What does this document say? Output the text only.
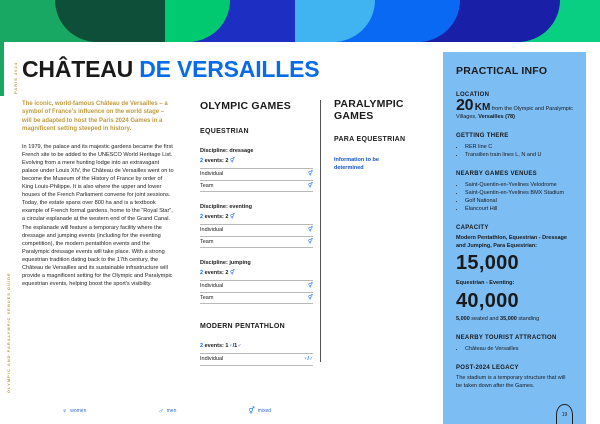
PARIS 2024
OLYMPIC AND PARALYMPIC VENUES GUIDE
CHÂTEAU DE VERSAILLES

The iconic, world-famous Château de Versailles – a symbol of France's influence on the world stage – will be adapted to host the Paris 2024 Games in a magnificent setting steeped in history.

In 1979, the palace and its majestic gardens became the first French site to be added to the UNESCO World Heritage List. Evolving from a mere hunting lodge into an extravagant palace under Louis XIV, the Château de Versailles went on to become the Museum of the History of France by order of King Louis-Philippe. It is also where the upper and lower houses of the French Parliament convene for joint sessions. Today, the estate spans over 800 ha and is a textbook example of French formal gardens, home to the “Royal Star”, a circular esplanade at the western end of the Grand Canal. The esplanade will feature a temporary facility where the dressage and jumping events (including for the eventing competition), the modern pentathlon events and the Paralympic dressage events will take place. With a strong equestrian tradition dating back to the 17th century, the Château de Versailles and its sustainable infrastructure will provide a magnificent setting for the Olympic and Paralympic equestrian events, helping boost the sport's visibility.

OLYMPIC GAMES
EQUESTRIAN
Discipline: dressage
2 events: 2 ⚥
Individual	⚥
Team	⚥
Discipline: eventing
2 events: 2 ⚥
Individual	⚥
Team	⚥
Discipline: jumping
2 events: 2 ⚥
Individual	⚥
Team	⚥
MODERN PENTATHLON
2 events: 1♀/1♂
Individual	♀/♂
PARALYMPIC GAMES
PARA EQUESTRIAN
Information to be determined
PRACTICAL INFO
LOCATION

20 KM from the Olympic and Paralympic Villages, Versailles (78)

GETTING THERE
• RER line C
• Transilien train lines L, N and U
NEARBY GAMES VENUES
• Saint-Quentin-en-Yvelines Velodrome
• Saint-Quentin-en-Yvelines BMX Stadium
• Golf National
• Élancourt Hill
CAPACITY

Modern Pentathlon, Equestrian - Dressage and Jumping, Para Equestrian:

15,000

Equestrian - Eventing:

40,000

5,000 seated and 35,000 standing

NEARBY TOURIST ATTRACTION
• Château de Versailles
POST-2024 LEGACY

The stadium is a temporary structure that will be taken down after the Games.

♀ women	♂ men	⚥ mixed
19
